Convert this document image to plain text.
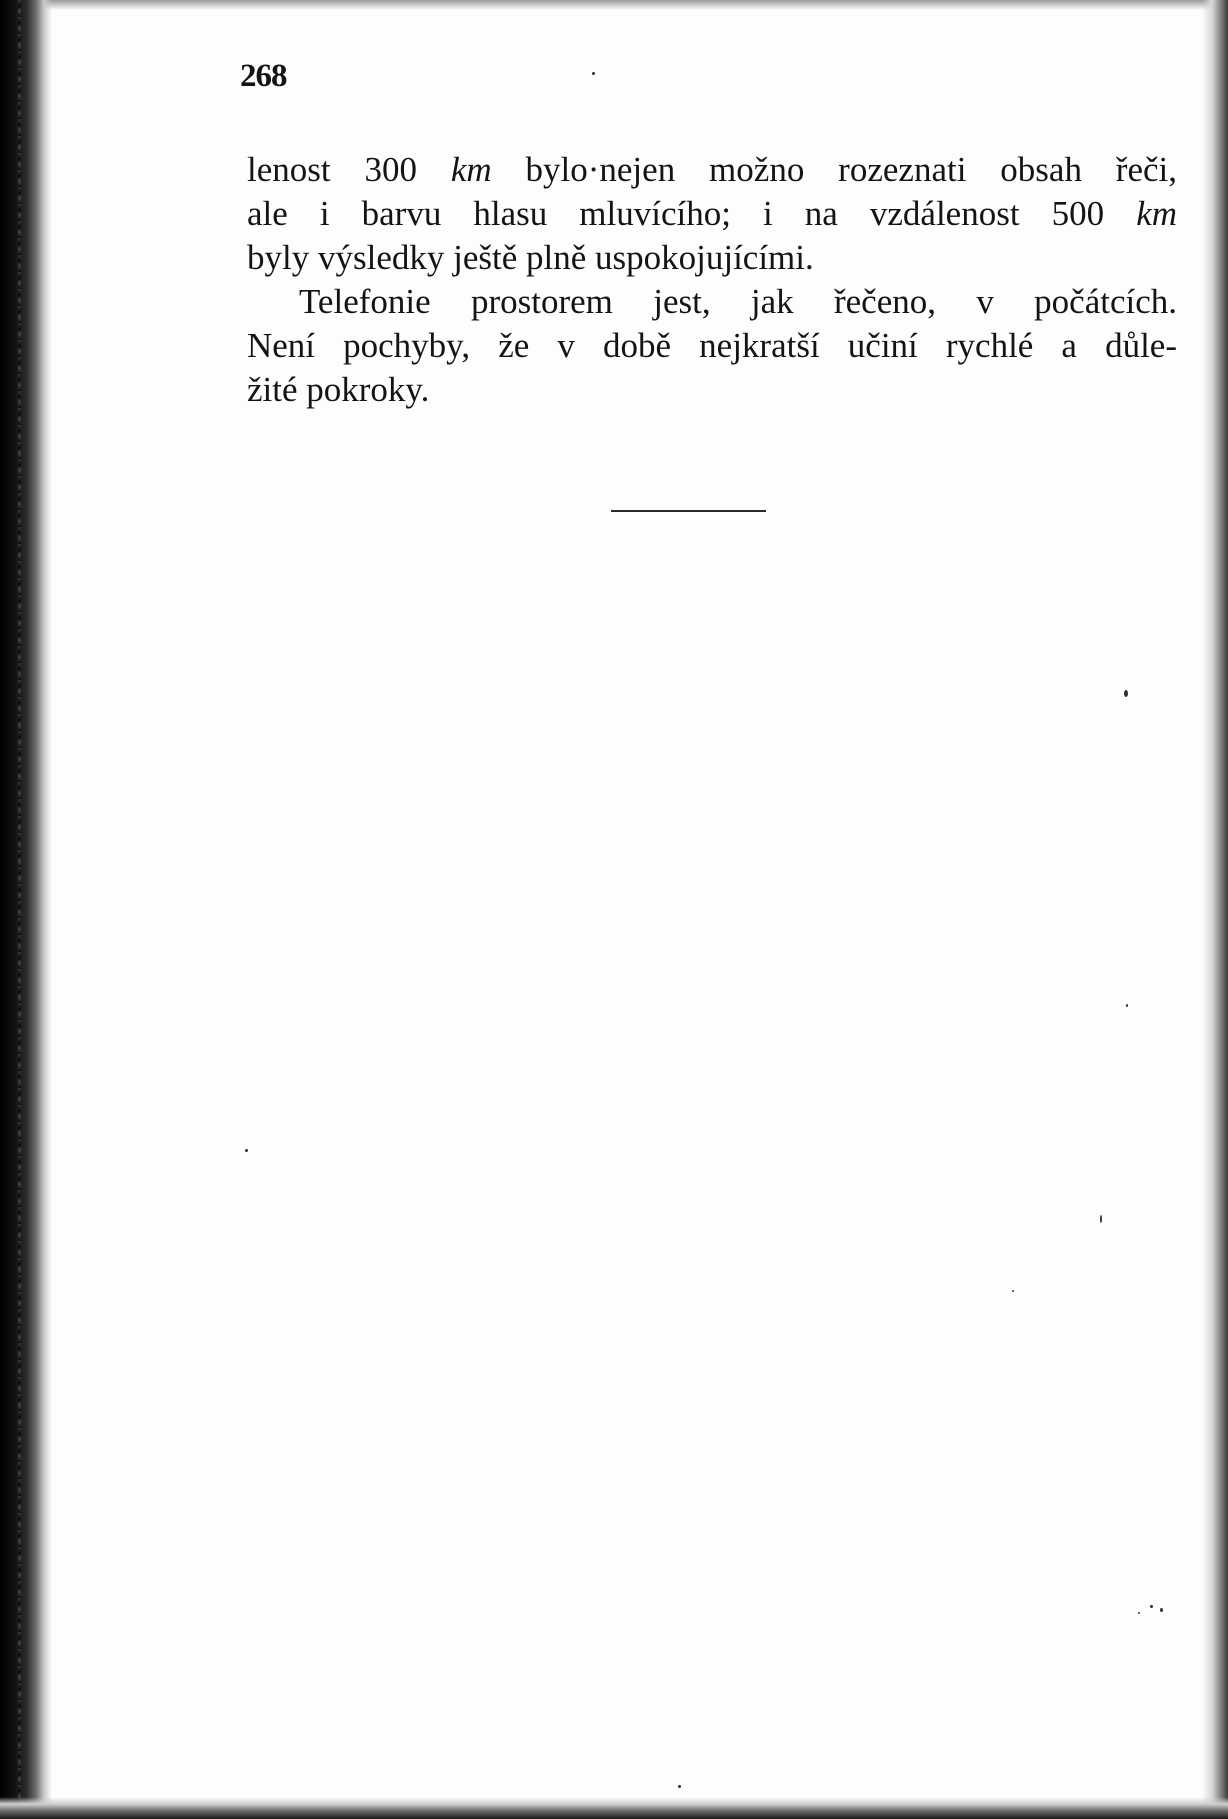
268
lenost 300 km bylo·nejen možno rozeznati obsah řeči,
ale i barvu hlasu mluvícího; i na vzdálenost 500 km
byly výsledky ještě plně uspokojujícími.
Telefonie prostorem jest, jak řečeno, v počátcích.
Není pochyby, že v době nejkratší učiní rychlé a důle-
žité pokroky.
